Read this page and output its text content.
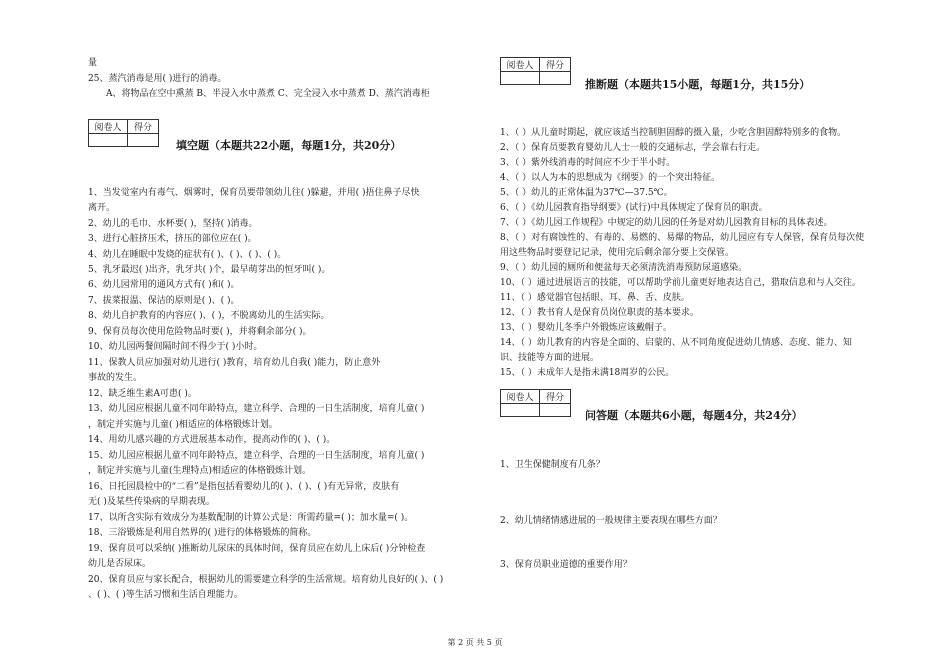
量
25、蒸汽消毒是用( )进行的消毒。
A、将物品在空中熏蒸 B、半浸入水中蒸煮 C、完全浸入水中蒸煮 D、蒸汽消毒柜
阅卷人	得分

填空题（本题共22小题，每题1分，共20分）
1、当发觉室内有毒气、烟雾时，保育员要带领幼儿往( )躲避，并用( )捂住鼻子尽快
离开。
2、幼儿的毛巾、水杯要( )，坚持( )消毒。
3、进行心脏挤压术，挤压的部位应在( )。
4、幼儿在睡眠中发烧的症状有( )、( )、( )、( )。
5、乳牙最迟( )出齐，乳牙共( )个，最早萌芽出的恒牙叫( )。
6、幼儿园常用的通风方式有( )和( )。
7、拔菜报温、保洁的原则是( )、( )。
8、幼儿自护教育的内容应( )、( )，不脱离幼儿的生活实际。
9、保育员每次使用危险物品时要( )，并将剩余部分( )。
10、幼儿园两餐间隔时间不得少于( )小时。
11、保教人员应加强对幼儿进行( )教育，培育幼儿自我( )能力，防止意外
事故的发生。
12、缺乏维生素A可患( )。
13、幼儿园应根据儿童不同年龄特点，建立科学、合理的一日生活制度，培育儿童( )
，制定并实施与儿童( )相适应的体格锻炼计划。
14、用幼儿感兴趣的方式进展基本动作，提高动作的( )、( )。
15、幼儿园应根据儿童不同年龄特点，建立科学、合理的一日生活制度，培育儿童( )
，制定并实施与儿童(生理特点)相适应的体格锻炼计划。
16、日托园晨检中的“二看”是指包括看婴幼儿的( )、( )、( )有无异常，皮肤有
无( )及某些传染病的早期表现。
17、以所含实际有效成分为基数配制的计算公式是：所需药量=( )；加水量=( )。
18、三浴锻炼是利用自然界的( )进行的体格锻炼的简称。
19、保育员可以采纳( )推断幼儿尿床的具体时间，保育员应在幼儿上床后( )分钟检查
幼儿是否尿床。
20、保育员应与家长配合，根据幼儿的需要建立科学的生活常规。培育幼儿良好的( )、( )
、( )、( )等生活习惯和生活自理能力。
阅卷人	得分

推断题（本题共15小题，每题1分，共15分）
1、（ ）从儿童时期起，就应该适当控制胆固醇的摄入量，少吃含胆固醇特别多的食物。
2、（ ）保育员要教育婴幼儿人士一般的交通标志，学会靠右行走。
3、（ ）紫外线消毒的时间应不少于半小时。
4、（ ）以人为本的思想成为《纲要》的一个突出特征。
5、（ ）幼儿的正常体温为37℃—37.5℃。
6、（ ）《幼儿园教育指导纲要》(试行)中具体规定了保育员的职责。
7、（ ）《幼儿园工作规程》中规定的幼儿园的任务是对幼儿园教育目标的具体表述。
8、（ ）对有腐蚀性的、有毒的、易燃的、易爆的物品，幼儿园应有专人保管，保育员每次使
用这些物品时要登记记录，使用完后剩余部分要上交保管。
9、（ ）幼儿园的厕所和便盆每天必须清洗消毒预防尿道感染。
10、（ ）通过进展语言的技能，可以帮助学前儿童更好地表达自己，猎取信息和与人交往。
11、（ ）感觉器官包括眼、耳、鼻、舌、皮肤。
12、（ ）教书育人是保育员岗位职责的基本要求。
13、（ ）婴幼儿冬季户外锻炼应该戴帽子。
14、（ ）幼儿教育的内容是全面的、启蒙的、从不同角度促进幼儿情感、态度、能力、知
识、技能等方面的进展。
15、（ ）未成年人是指未满18周岁的公民。
阅卷人	得分

问答题（本题共6小题，每题4分，共24分）
1、卫生保健制度有几条？
2、幼儿情绪情感进展的一般规律主要表现在哪些方面？
3、保育员职业道德的重要作用？
第 2 页 共 5 页
